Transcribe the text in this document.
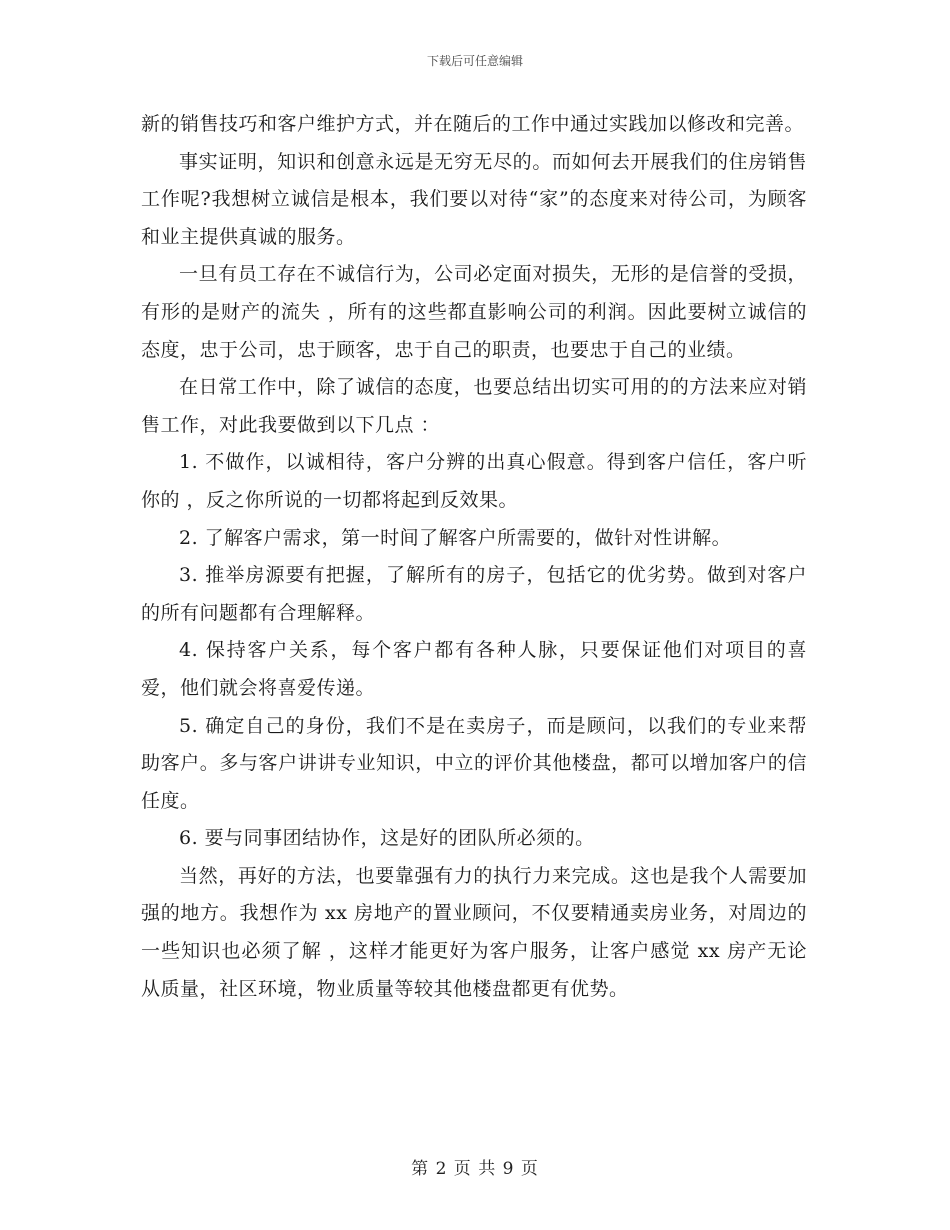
下载后可任意编辑

新的销售技巧和客户维护方式，并在随后的工作中通过实践加以修改和完善。

事实证明，知识和创意永远是无穷无尽的。而如何去开展我们的住房销售工作呢?我想树立诚信是根本，我们要以对待“家”的态度来对待公司，为顾客和业主提供真诚的服务。

一旦有员工存在不诚信行为，公司必定面对损失，无形的是信誉的受损，有形的是财产的流失 ，所有的这些都直影响公司的利润。因此要树立诚信的态度，忠于公司，忠于顾客，忠于自己的职责，也要忠于自己的业绩。

在日常工作中，除了诚信的态度，也要总结出切实可用的的方法来应对销售工作，对此我要做到以下几点 ：

1. 不做作，以诚相待，客户分辨的出真心假意。得到客户信任，客户听你的 ，反之你所说的一切都将起到反效果。

2. 了解客户需求，第一时间了解客户所需要的，做针对性讲解。

3. 推举房源要有把握，了解所有的房子，包括它的优劣势。做到对客户的所有问题都有合理解释。

4. 保持客户关系，每个客户都有各种人脉，只要保证他们对项目的喜爱，他们就会将喜爱传递。

5. 确定自己的身份，我们不是在卖房子，而是顾问，以我们的专业来帮助客户。多与客户讲讲专业知识，中立的评价其他楼盘，都可以增加客户的信任度。

6. 要与同事团结协作，这是好的团队所必须的。

当然，再好的方法，也要靠强有力的执行力来完成。这也是我个人需要加强的地方。我想作为 xx 房地产的置业顾问，不仅要精通卖房业务，对周边的一些知识也必须了解 ，这样才能更好为客户服务，让客户感觉 xx 房产无论从质量，社区环境，物业质量等较其他楼盘都更有优势。

第 2 页 共 9 页
